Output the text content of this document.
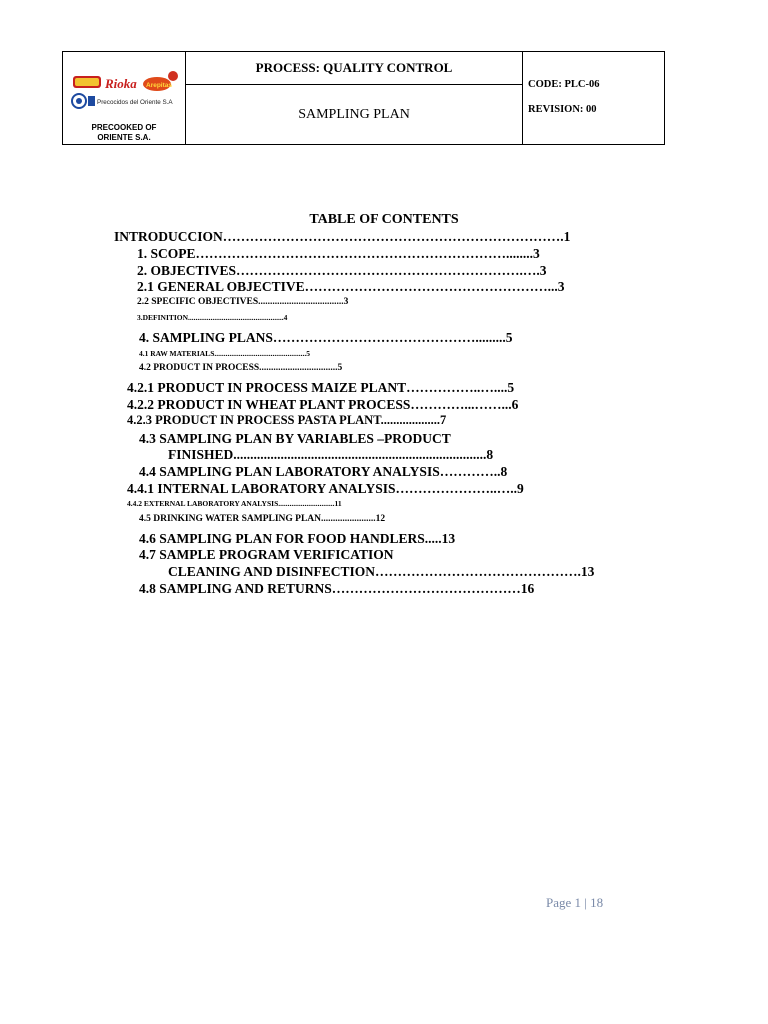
Rioka Arepitas
Precocidos del Oriente S.A
PRECOOKED OF
ORIENTE S.A.
PROCESS: QUALITY CONTROL
SAMPLING PLAN
CODE: PLC-06
REVISION: 00
TABLE OF CONTENTS
INTRODUCCION………………………………………………………………….1
1. SCOPE……………………………………………………………........3
2. OBJECTIVES……………………………………………………….….3
2.1 GENERAL OBJECTIVE………………………………………………...3
2.2 SPECIFIC OBJECTIVES....................................3
3.DEFINITION...................................................4
4. SAMPLING PLANS……………………………………….........5
4.1 RAW MATERIALS.................................................5
4.2 PRODUCT IN PROCESS.................................5
4.2.1 PRODUCT IN PROCESS MAIZE PLANT……………..…....5
4.2.2 PRODUCT IN WHEAT PLANT PROCESS…………...……...6
4.2.3 PRODUCT IN PROCESS PASTA PLANT...................7
4.3 SAMPLING PLAN BY VARIABLES –PRODUCT
FINISHED...........................................................................8
4.4 SAMPLING PLAN LABORATORY ANALYSIS…………..8
4.4.1 INTERNAL LABORATORY ANALYSIS…………………..…..9
4.4.2 EXTERNAL LABORATORY ANALYSIS..............................11
4.5 DRINKING WATER SAMPLING PLAN.......................12
4.6 SAMPLING PLAN FOR FOOD HANDLERS.....13
4.7 SAMPLE PROGRAM VERIFICATION
CLEANING AND DISINFECTION……………………………………….13
4.8 SAMPLING AND RETURNS……………………………………16
Page 1 | 18
